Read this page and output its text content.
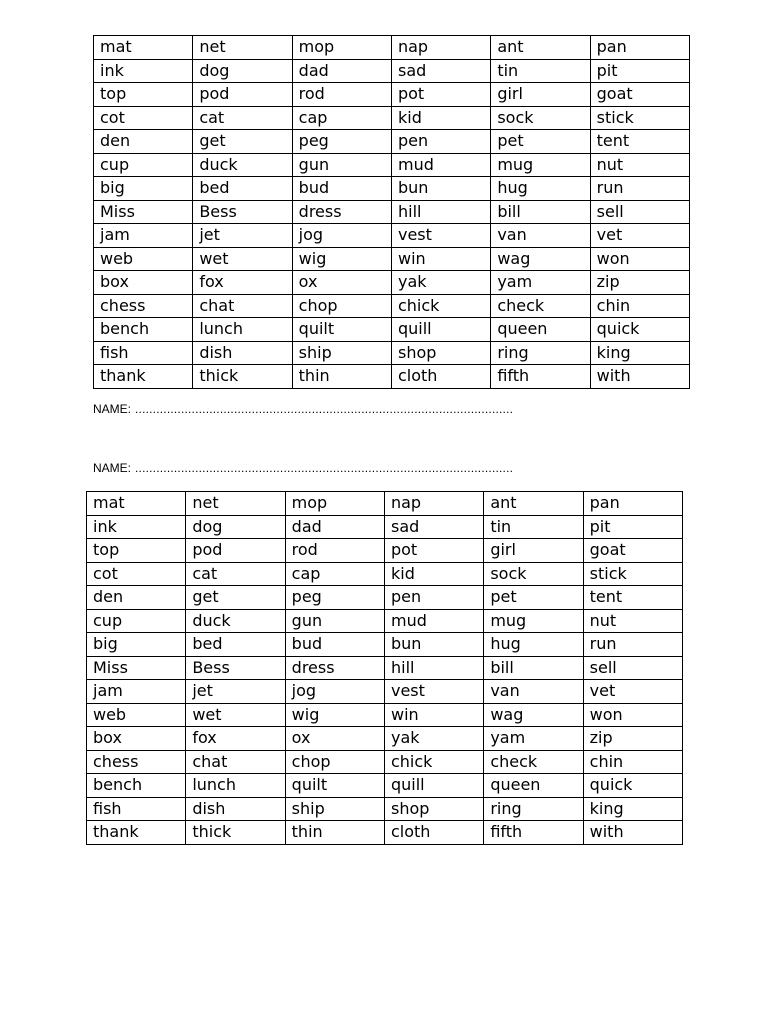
mat	net	mop	nap	ant	pan
ink	dog	dad	sad	tin	pit
top	pod	rod	pot	girl	goat
cot	cat	cap	kid	sock	stick
den	get	peg	pen	pet	tent
cup	duck	gun	mud	mug	nut
big	bed	bud	bun	hug	run
Miss	Bess	dress	hill	bill	sell
jam	jet	jog	vest	van	vet
web	wet	wig	win	wag	won
box	fox	ox	yak	yam	zip
chess	chat	chop	chick	check	chin
bench	lunch	quilt	quill	queen	quick
fish	dish	ship	shop	ring	king
thank	thick	thin	cloth	fifth	with
NAME: ...........................................................................................................
NAME: ...........................................................................................................
mat	net	mop	nap	ant	pan
ink	dog	dad	sad	tin	pit
top	pod	rod	pot	girl	goat
cot	cat	cap	kid	sock	stick
den	get	peg	pen	pet	tent
cup	duck	gun	mud	mug	nut
big	bed	bud	bun	hug	run
Miss	Bess	dress	hill	bill	sell
jam	jet	jog	vest	van	vet
web	wet	wig	win	wag	won
box	fox	ox	yak	yam	zip
chess	chat	chop	chick	check	chin
bench	lunch	quilt	quill	queen	quick
fish	dish	ship	shop	ring	king
thank	thick	thin	cloth	fifth	with
